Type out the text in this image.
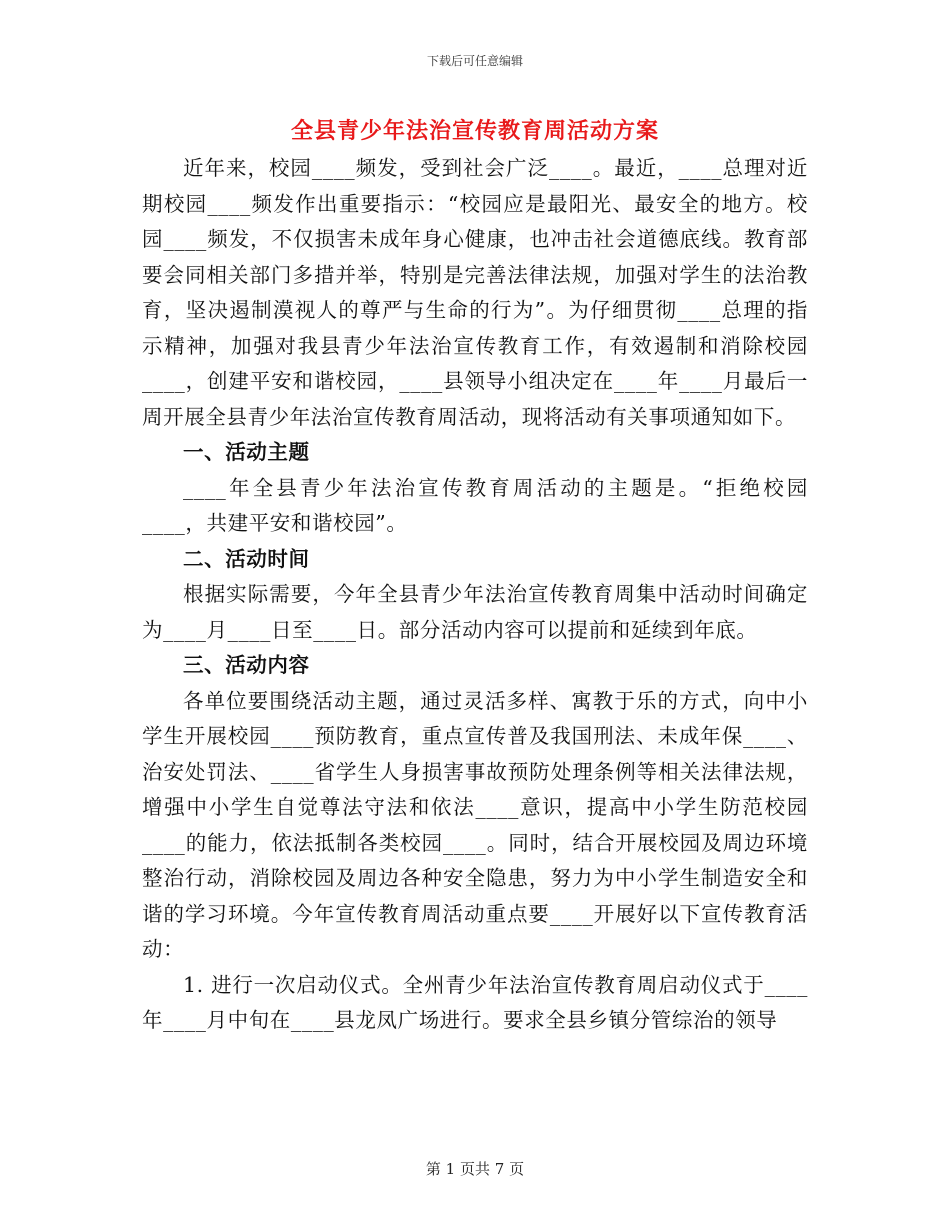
下载后可任意编辑
全县青少年法治宣传教育周活动方案

近年来，校园____频发，受到社会广泛____。最近，____总理对近期校园____频发作出重要指示：“校园应是最阳光、最安全的地方。校园____频发，不仅损害未成年身心健康，也冲击社会道德底线。教育部要会同相关部门多措并举，特别是完善法律法规，加强对学生的法治教育，坚决遏制漠视人的尊严与生命的行为”。为仔细贯彻____总理的指示精神，加强对我县青少年法治宣传教育工作，有效遏制和消除校园____，创建平安和谐校园，____县领导小组决定在____年____月最后一周开展全县青少年法治宣传教育周活动，现将活动有关事项通知如下。

一、活动主题

____年全县青少年法治宣传教育周活动的主题是。“拒绝校园____，共建平安和谐校园”。

二、活动时间

根据实际需要，今年全县青少年法治宣传教育周集中活动时间确定为____月____日至____日。部分活动内容可以提前和延续到年底。

三、活动内容

各单位要围绕活动主题，通过灵活多样、寓教于乐的方式，向中小学生开展校园____预防教育，重点宣传普及我国刑法、未成年保____、治安处罚法、____省学生人身损害事故预防处理条例等相关法律法规，增强中小学生自觉尊法守法和依法____意识，提高中小学生防范校园____的能力，依法抵制各类校园____。同时，结合开展校园及周边环境整治行动，消除校园及周边各种安全隐患，努力为中小学生制造安全和谐的学习环境。今年宣传教育周活动重点要____开展好以下宣传教育活动：

1. 进行一次启动仪式。全州青少年法治宣传教育周启动仪式于____年____月中旬在____县龙凤广场进行。要求全县乡镇分管综治的领导

第 1 页共 7 页
